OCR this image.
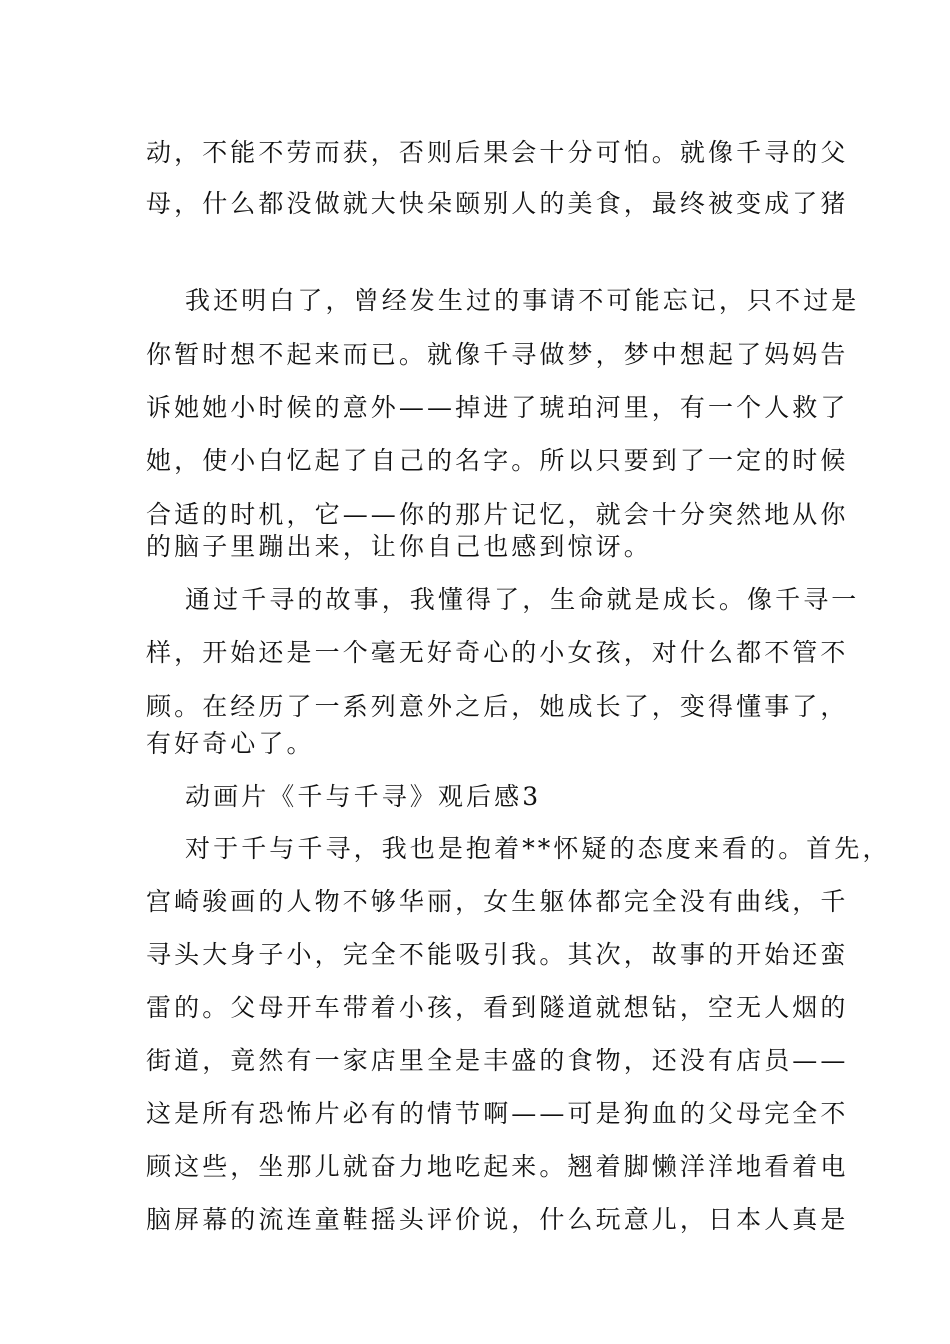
动，不能不劳而获，否则后果会十分可怕。就像千寻的父
母，什么都没做就大快朵颐别人的美食，最终被变成了猪
我还明白了，曾经发生过的事请不可能忘记，只不过是
你暂时想不起来而已。就像千寻做梦，梦中想起了妈妈告
诉她她小时候的意外——掉进了琥珀河里，有一个人救了
她，使小白忆起了自己的名字。所以只要到了一定的时候
合适的时机，它——你的那片记忆，就会十分突然地从你
的脑子里蹦出来，让你自己也感到惊讶。
通过千寻的故事，我懂得了，生命就是成长。像千寻一
样，开始还是一个毫无好奇心的小女孩，对什么都不管不
顾。在经历了一系列意外之后，她成长了，变得懂事了，
有好奇心了。
动画片《千与千寻》观后感3
对于千与千寻，我也是抱着**怀疑的态度来看的。首先，
宫崎骏画的人物不够华丽，女生躯体都完全没有曲线，千
寻头大身子小，完全不能吸引我。其次，故事的开始还蛮
雷的。父母开车带着小孩，看到隧道就想钻，空无人烟的
街道，竟然有一家店里全是丰盛的食物，还没有店员——
这是所有恐怖片必有的情节啊——可是狗血的父母完全不
顾这些，坐那儿就奋力地吃起来。翘着脚懒洋洋地看着电
脑屏幕的流连童鞋摇头评价说，什么玩意儿，日本人真是
